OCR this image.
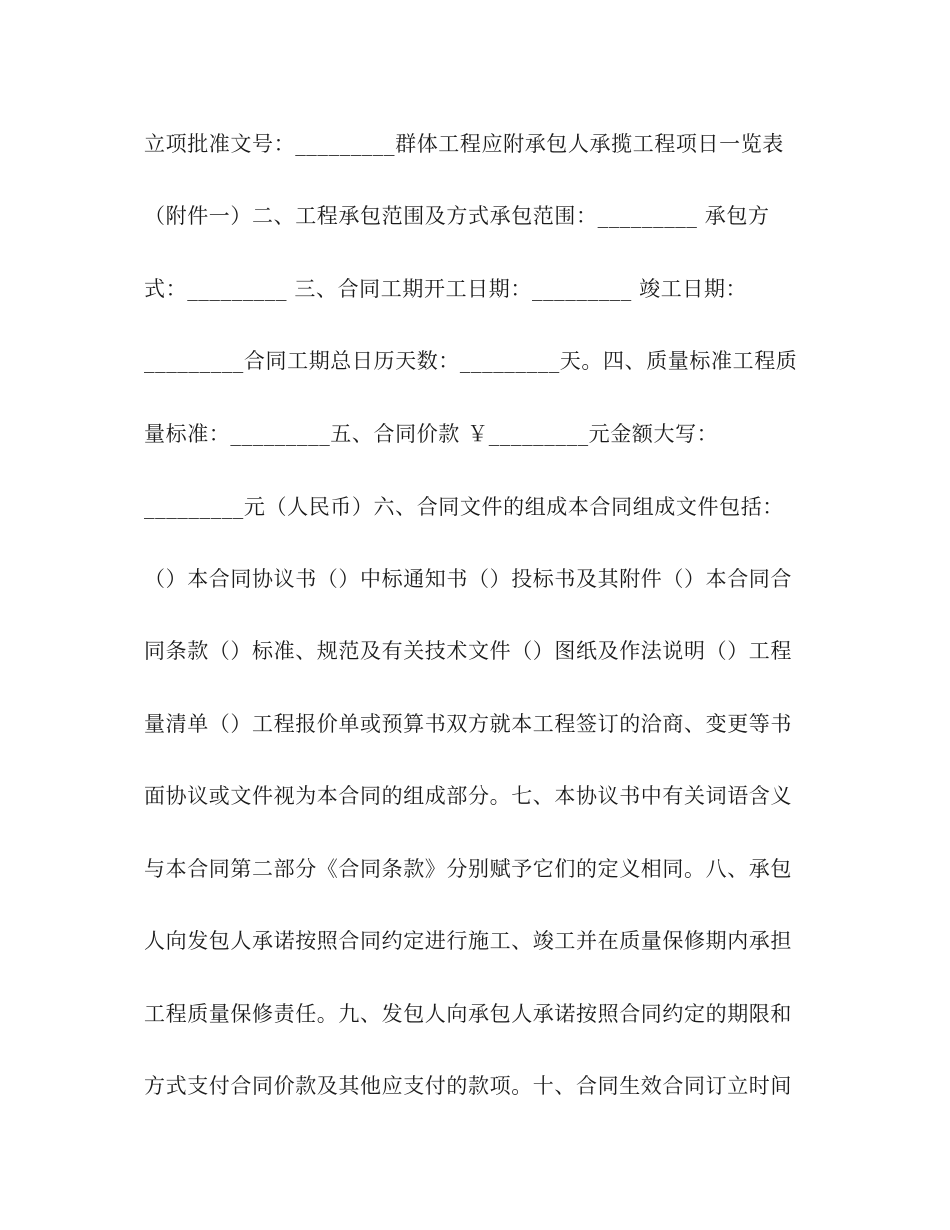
立项批准文号：_________群体工程应附承包人承揽工程项日一览表
（附件一）二、工程承包范围及方式承包范围：_________ 承包方
式：_________ 三、合同工期开工日期：_________ 竣工日期：
_________合同工期总日历天数：_________天。四、质量标准工程质
量标准：_________五、合同价款 ￥_________元金额大写：
_________元（人民币）六、合同文件的组成本合同组成文件包括：
（）本合同协议书（）中标通知书（）投标书及其附件（）本合同合
同条款（）标准、规范及有关技术文件（）图纸及作法说明（）工程
量清单（）工程报价单或预算书双方就本工程签订的洽商、变更等书
面协议或文件视为本合同的组成部分。七、本协议书中有关词语含义
与本合同第二部分《合同条款》分别赋予它们的定义相同。八、承包
人向发包人承诺按照合同约定进行施工、竣工并在质量保修期内承担
工程质量保修责任。九、发包人向承包人承诺按照合同约定的期限和
方式支付合同价款及其他应支付的款项。十、合同生效合同订立时间
